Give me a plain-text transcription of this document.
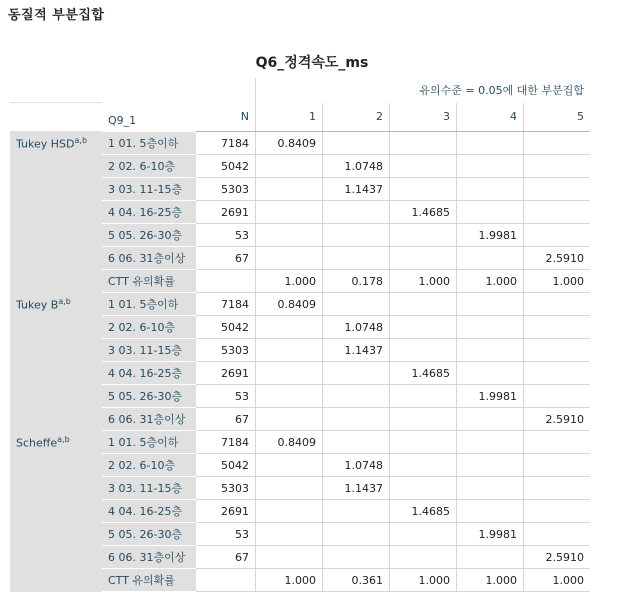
동질적 부분집합
Q6_정격속도_ms
			유의수준 = 0.05에 대한 부분집합				
	Q9_1	N	1	2	3	4	5
Tukey HSD$^{a,b}$	1 01. 5층이하	7184	0.8409				
	2 02. 6-10층	5042		1.0748			
	3 03. 11-15층	5303		1.1437			
	4 04. 16-25층	2691			1.4685		
	5 05. 26-30층	53				1.9981	
	6 06. 31층이상	67					2.5910
	CTT 유의확률		1.000	0.178	1.000	1.000	1.000
Tukey B$^{a,b}$	1 01. 5층이하	7184	0.8409				
	2 02. 6-10층	5042		1.0748			
	3 03. 11-15층	5303		1.1437			
	4 04. 16-25층	2691			1.4685		
	5 05. 26-30층	53				1.9981	
	6 06. 31층이상	67					2.5910
Scheffe$^{a,b}$	1 01. 5층이하	7184	0.8409				
	2 02. 6-10층	5042		1.0748			
	3 03. 11-15층	5303		1.1437			
	4 04. 16-25층	2691			1.4685		
	5 05. 26-30층	53				1.9981	
	6 06. 31층이상	67					2.5910
	CTT 유의확률		1.000	0.361	1.000	1.000	1.000
